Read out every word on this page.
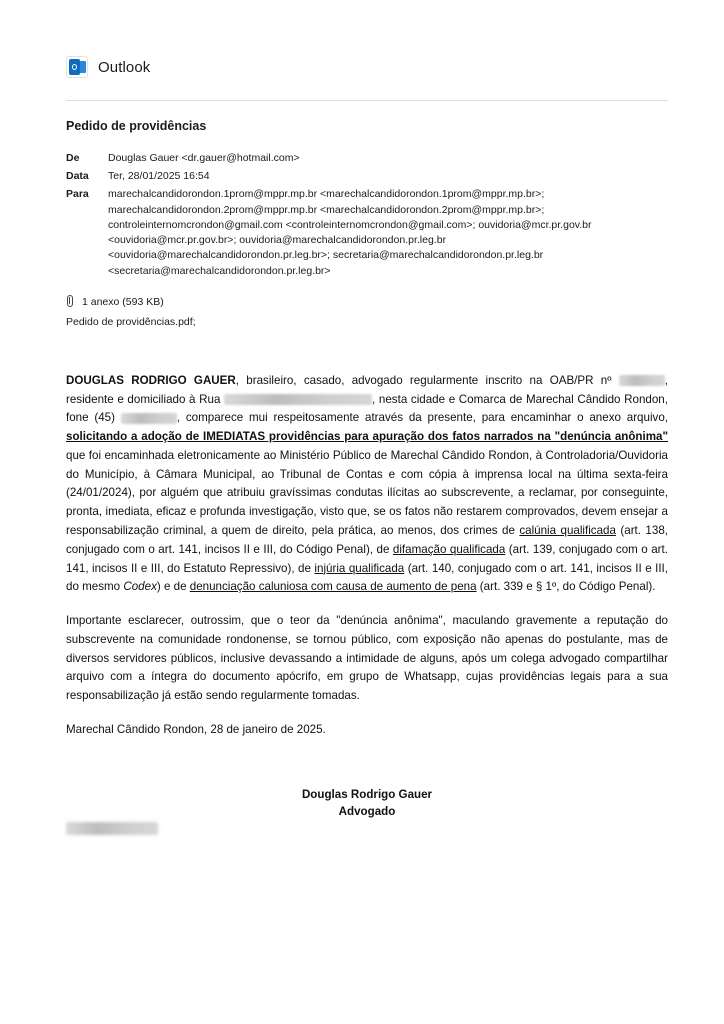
Outlook
Pedido de providências
De	Douglas Gauer <dr.gauer@hotmail.com>
Data	Ter, 28/01/2025 16:54
Para	marechalcandidorondon.1prom@mppr.mp.br <marechalcandidorondon.1prom@mppr.mp.br>;
marechalcandidorondon.2prom@mppr.mp.br <marechalcandidorondon.2prom@mppr.mp.br>;
controleinternomcrondon@gmail.com <controleinternomcrondon@gmail.com>; ouvidoria@mcr.pr.gov.br
<ouvidoria@mcr.pr.gov.br>; ouvidoria@marechalcandidorondon.pr.leg.br
<ouvidoria@marechalcandidorondon.pr.leg.br>; secretaria@marechalcandidorondon.pr.leg.br
<secretaria@marechalcandidorondon.pr.leg.br>
1 anexo (593 KB)
Pedido de providências.pdf;

DOUGLAS RODRIGO GAUER, brasileiro, casado, advogado regularmente inscrito na OAB/PR nº	, residente e domiciliado à Rua	, nesta cidade e Comarca de Marechal Cândido Rondon, fone (45)	, comparece mui respeitosamente através da presente, para encaminhar o anexo arquivo, solicitando a adoção de IMEDIATAS providências para apuração dos fatos narrados na "denúncia anônima" que foi encaminhada eletronicamente ao Ministério Público de Marechal Cândido Rondon, à Controladoria/Ouvidoria do Município, à Câmara Municipal, ao Tribunal de Contas e com cópia à imprensa local na última sexta-feira (24/01/2024), por alguém que atribuiu gravíssimas condutas ilícitas ao subscrevente, a reclamar, por conseguinte, pronta, imediata, eficaz e profunda investigação, visto que, se os fatos não restarem comprovados, devem ensejar a responsabilização criminal, a quem de direito, pela prática, ao menos, dos crimes de calúnia qualificada (art. 138, conjugado com o art. 141, incisos II e III, do Código Penal), de difamação qualificada (art. 139, conjugado com o art. 141, incisos II e III, do Estatuto Repressivo), de injúria qualificada (art. 140, conjugado com o art. 141, incisos II e III, do mesmo Codex) e de denunciação caluniosa com causa de aumento de pena (art. 339 e § 1º, do Código Penal).

Importante esclarecer, outrossim, que o teor da "denúncia anônima", maculando gravemente a reputação do subscrevente na comunidade rondonense, se tornou público, com exposição não apenas do postulante, mas de diversos servidores públicos, inclusive devassando a intimidade de alguns, após um colega advogado compartilhar arquivo com a íntegra do documento apócrifo, em grupo de Whatsapp, cujas providências legais para a sua responsabilização já estão sendo regularmente tomadas.

Marechal Cândido Rondon, 28 de janeiro de 2025.

Douglas Rodrigo Gauer
Advogado
